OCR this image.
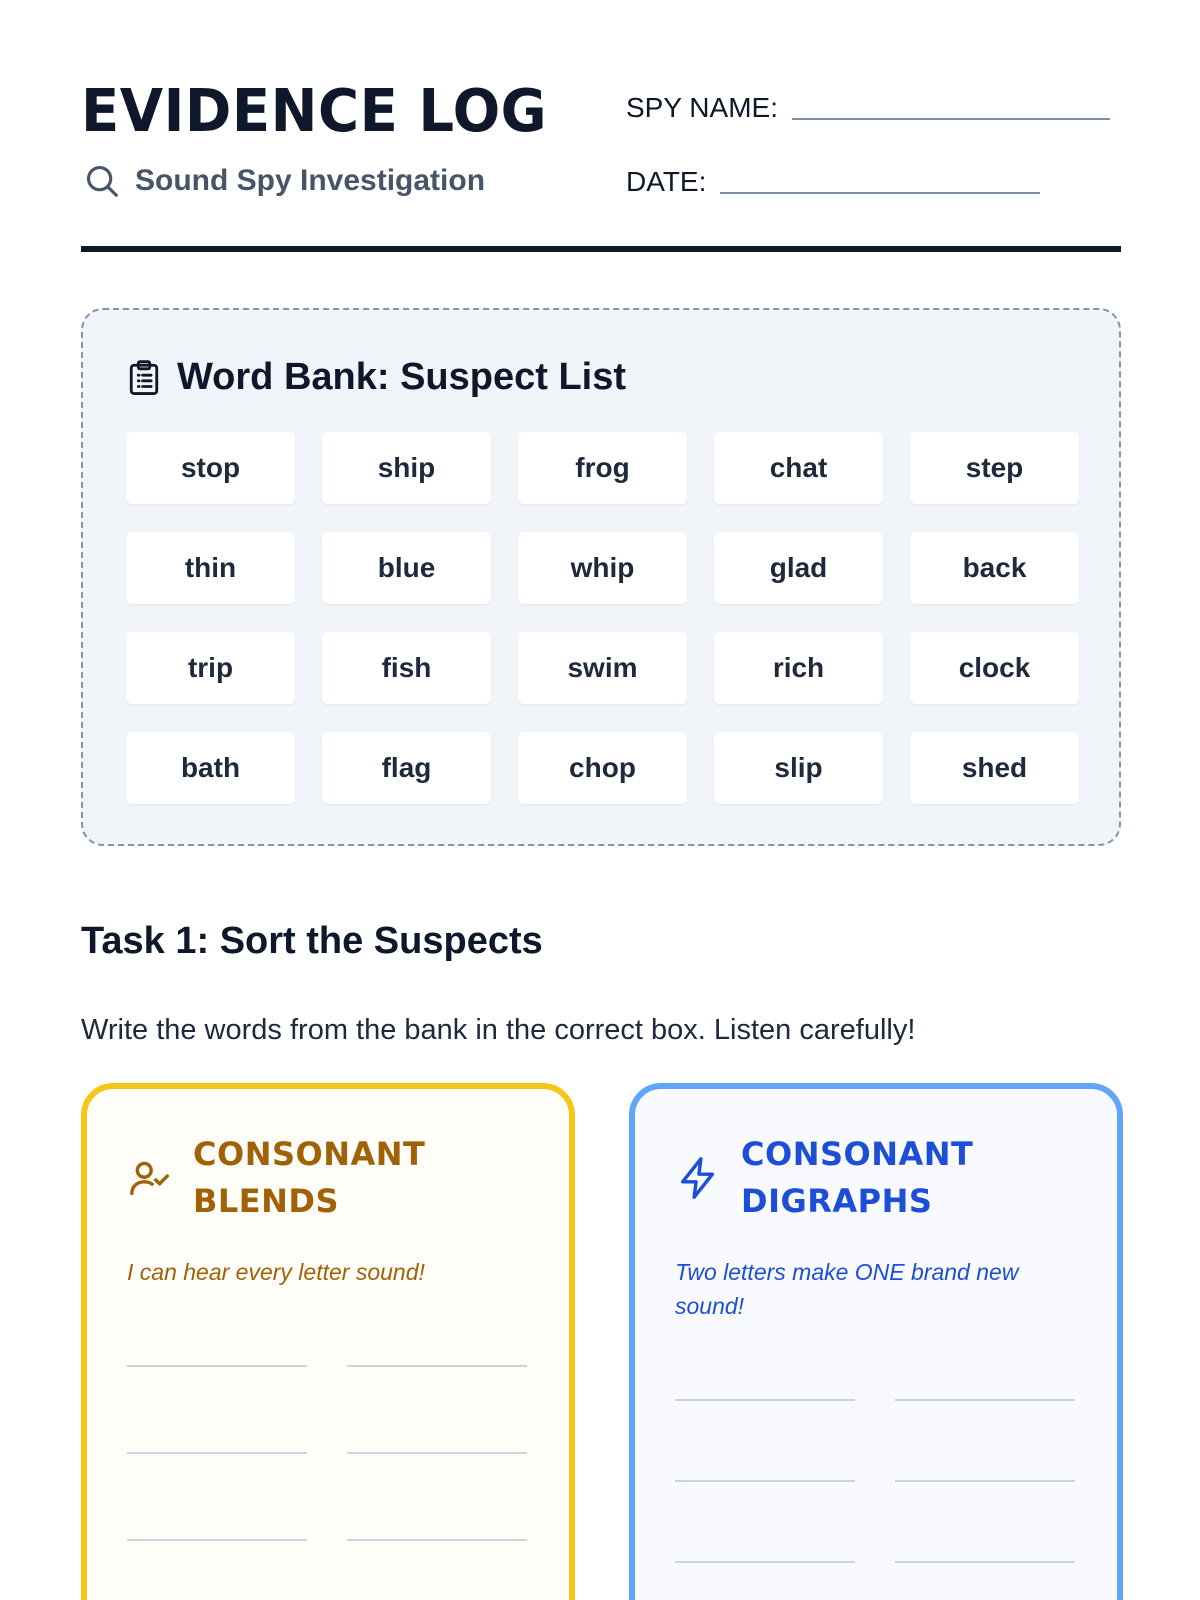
EVIDENCE LOG
Sound Spy Investigation
SPY NAME:
DATE:
Word Bank: Suspect List
stop	ship	frog	chat	step
thin	blue	whip	glad	back
trip	fish	swim	rich	clock
bath	flag	chop	slip	shed
Task 1: Sort the Suspects

Write the words from the bank in the correct box. Listen carefully!

CONSONANT BLENDS

I can hear every letter sound!

CONSONANT DIGRAPHS

Two letters make ONE brand new sound!
